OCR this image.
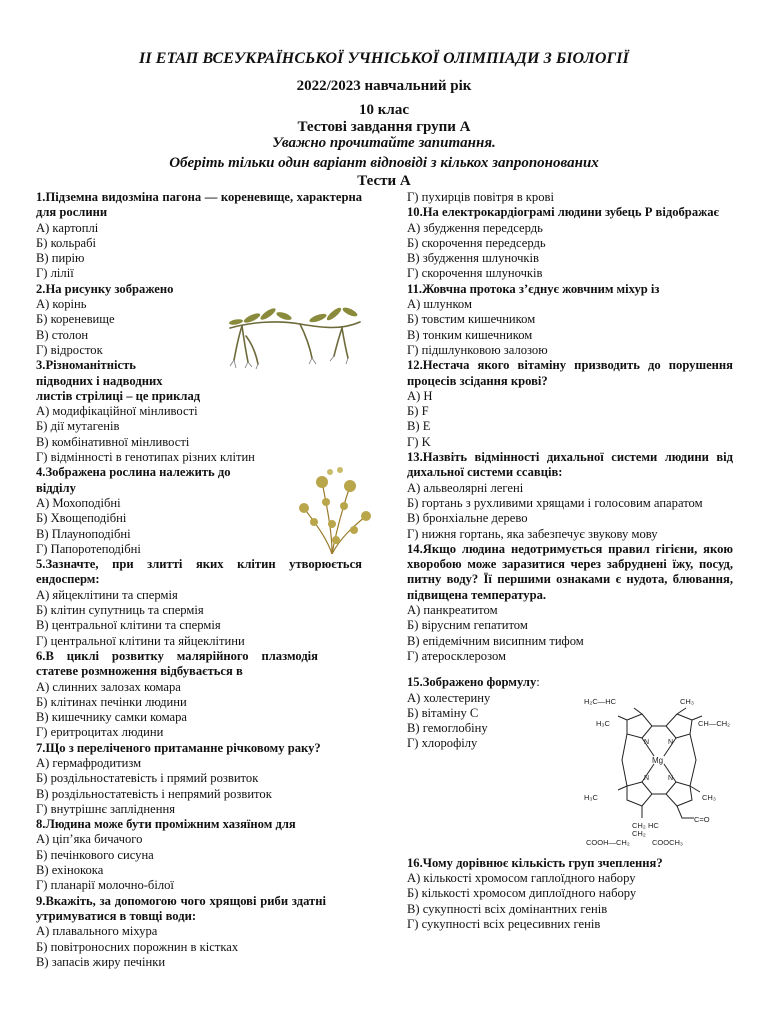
ІІ ЕТАП ВСЕУКРАЇНСЬКОЇ УЧНІСЬКОЇ ОЛІМПІАДИ З БІОЛОГІЇ
2022/2023 навчальний рік
10 клас
Тестові завдання групи А
Уважно прочитайте запитання.
Оберіть тільки один варіант відповіді з кількох запропонованих
Тести А
1.Підземна видозміна пагона — кореневище, характерна для рослини
А) картоплі
Б) кольрабі
В) пирію
Г) лілії
2.На рисунку зображено
А) корінь
Б) кореневище
В) столон
Г) відросток
3.Різноманітність
підводних і надводних
листів стрілиці – це приклад
А) модифікаційної мінливості
Б) дії мутагенів
В) комбінативної мінливості
Г) відмінності в генотипах різних клітин
4.Зображена рослина належить до
відділу
А) Мохоподібні
Б) Хвощеподібні
В) Плауноподібні
Г) Папоротеподібні
5.Зазначте, при злитті яких клітин утворюється ендосперм:
А) яйцеклітини та спермія
Б) клітин супутниць та спермія
В) центральної клітини та спермія
Г) центральної клітини та яйцеклітини
6.В циклі розвитку малярійного плазмодія статеве розмноження відбувається в
А) слинних залозах комара
Б) клітинах печінки людини
В) кишечнику самки комара
Г) еритроцитах людини
7.Що з переліченого притаманне річковому раку?
А) гермафродитизм
Б) роздільностатевість і прямий розвиток
В) роздільностатевість і непрямий розвиток
Г) внутрішнє запліднення
8.Людина може бути проміжним хазяїном для
А) ціп’яка бичачого
Б) печінкового сисуна
В) ехінокока
Г) планарії молочно-білої
9.Вкажіть, за допомогою чого хрящові риби здатні утримуватися в товщі води:
А) плавального міхура
Б) повітроносних порожнин в кістках
В) запасів жиру печінки
Г) пухирців повітря в крові
10.На електрокардіограмі людини зубець Р відображає
А) збудження передсердь
Б) скорочення передсердь
В) збудження шлуночків
Г) скорочення шлуночків
11.Жовчна протока з’єднує жовчним міхур із
А) шлунком
Б) товстим кишечником
В) тонким кишечником
Г) підшлунковою залозою
12.Нестача якого вітаміну призводить до порушення процесів зсідання крові?
А) H
Б) F
В) E
Г) K
13.Назвіть відмінності дихальної системи людини від дихальної системи ссавців:
А) альвеолярні легені
Б) гортань з рухливими хрящами і голосовим апаратом
В) бронхіальне дерево
Г) нижня гортань, яка забезпечує звукову мову
14.Якщо людина недотримується правил гігієни, якою хворобою може заразитися через забруднені їжу, посуд, питну воду? Її першими ознаками є нудота, блювання, підвищена температура.
А) панкреатитом
Б) вірусним гепатитом
В) епідемічним висипним тифом
Г) атеросклерозом
15.Зображено формулу:
А) холестерину
Б) вітаміну С
В) гемоглобіну
Г) хлорофілу
16.Чому дорівнює кількість груп зчеплення?
А) кількості хромосом гаплоїдного набору
Б) кількості хромосом диплоїдного набору
В) сукупності всіх домінантних генів
Г) сукупності всіх рецесивних генів
H₂C—HC	CH₃
H₃C	CH—CH₂
N	N
Mg
N	N
H₃C	CH₃
CH₂ HC
C=O
CH₂
COOH—CH₂	COOCH₃
